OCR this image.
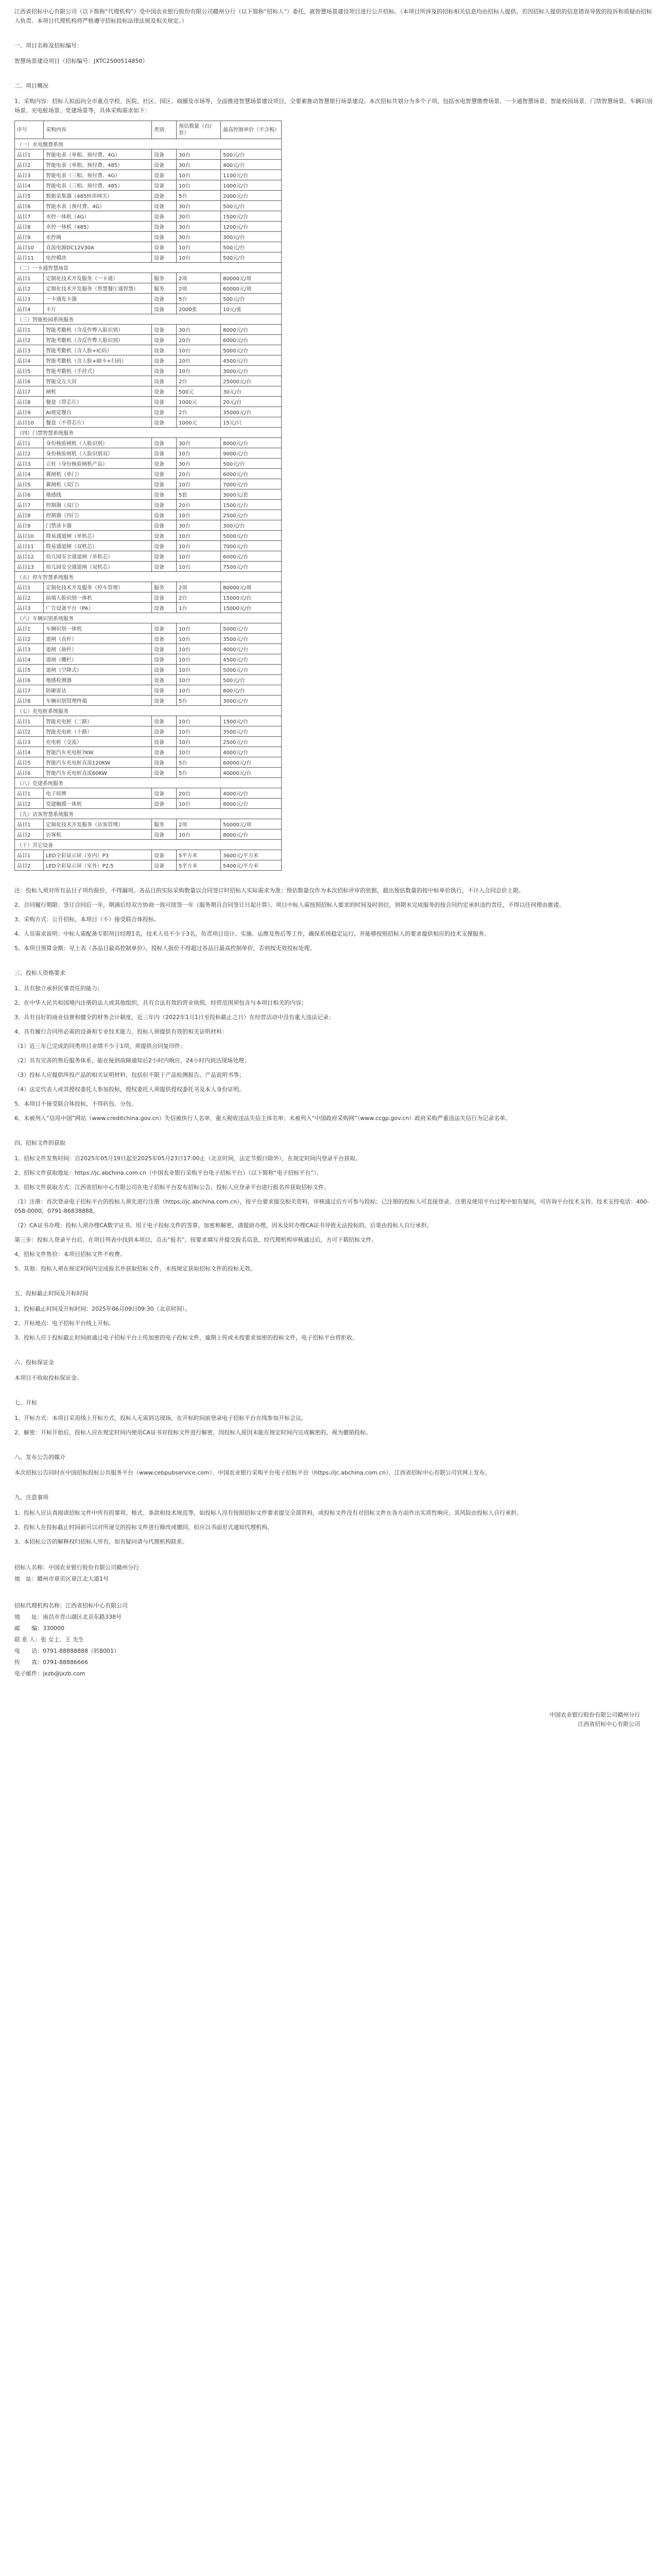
江西省招标中心有限公司（以下简称“代理机构”）受中国农业银行股份有限公司赣州分行（以下简称“招标人”）委托，就智慧场景建设项目进行公开招标。（本项目所涉及的招标相关信息均由招标人提供。若因招标人提供的信息错误导致的投诉和质疑由招标人负责。本项目代理机构将严格遵守招标投标法律法规及相关规定。）

一、项目名称及招标编号：

智慧场景建设项目（招标编号：JXTC2500514850）

二、项目概况

1、采购内容：招标人拟面向全市重点学校、医院、社区、园区、商圈及市场等，全面推进智慧场景建设项目，全要素推动智慧银行场景建设。本次招标共划分为多个子项，包括水电智慧缴费场景、一卡通智慧场景、智能校园场景、门禁智慧场景、车辆识别场景、充电桩场景、党建场景等，具体采购需求如下：

序号	采购内容	类别	预估数量（台/套）	最高控制单价（不含税）
（一）水电缴费系统				
品目1	智能电表（单相、预付费、4G）	设备	30台	500元/台
品目2	智能电表（单相、预付费、485）	设备	30台	400元/台
品目3	智能电表（三相、预付费、4G）	设备	10台	1100元/台
品目4	智能电表（三相、预付费、485）	设备	10台	1000元/台
品目5	数据采集器（485转串网关）	设备	5台	2000元/台
品目6	智能水表（预付费、4G）	设备	30台	500元/台
品目7	水控一体机（4G）	设备	30台	1500元/台
品目8	水控一体机（485）	设备	30台	1200元/台
品目9	水控阀	设备	30台	300元/台
品目10	直流电源DC12V30A	设备	10台	500元/台
品目11	电控模块	设备	10台	500元/台
（二）一卡通智慧场景				
品目1	定制化技术开发服务（一卡通）	服务	2项	80000元/项
品目2	定制化技术开发服务（智慧餐厅通智慧）	服务	2项	60000元/项
品目3	一卡通发卡器	设备	5台	500元/台
品目4	卡片	设备	2000张	10元/张
（三）智能校园系统服务				
品目1	智能考勤机（含反作弊入脸识别）	设备	30台	8000元/台
品目2	智能考勤机（含反作弊人脸识别）	设备	20台	6000元/台
品目3	智能考勤机（含人脸+IC码）	设备	10台	5000元/台
品目4	智能考勤机（含人脸+刷卡+扫码）	设备	10台	4500元/台
品目5	智能考勤机（手持式）	设备	10台	3000元/台
品目6	智能交互大屏	设备	2台	25000元/台
品目7	闸机	设备	500元	30元/台
品目8	餐盘（带芯片）	设备	1000元	20元/台
品目9	AI视觉餐台	设备	2台	35000元/台
品目10	餐盘（不带芯片）	设备	1000元	15元/只
（四）门禁智慧系统服务				
品目1	身份核验闸机（人脸识别）	设备	30台	8000元/台
品目2	身份核验闸机（人脸识别双）	设备	10台	9000元/台
品目3	立柱（身份核验闸机产品）	设备	30台	500元/台
品目4	翼闸机（单门）	设备	20台	6000元/台
品目5	翼闸机（双门）	设备	10台	7000元/台
品目6	地感线	设备	5套	3000元/套
品目7	控制器（双门）	设备	20台	1500元/台
品目8	控制器（四门）	设备	10台	2500元/台
品目9	门禁读卡器	设备	30台	300元/台
品目10	简易通道闸（单机芯）	设备	10台	5000元/台
品目11	简易通道闸（双机芯）	设备	10台	7000元/台
品目12	幼儿园安全通道闸（单机芯）	设备	10台	6000元/台
品目13	幼儿园安全通道闸（双机芯）	设备	10台	7500元/台
（五）停车智慧系统服务				
品目1	定制化技术开发服务（停车管理）	服务	2项	80000元/项
品目2	前端人脸识别一体机	设备	2台	15000元/台
品目3	广告设备平台（PA）	设备	1台	15000元/台
（六）车辆识别系统服务				
品目1	车辆识别一体机	设备	10台	5000元/台
品目2	道闸（直杆）	设备	10台	3500元/台
品目3	道闸（曲杆）	设备	10台	4000元/台
品目4	道闸（栅栏）	设备	10台	4500元/台
品目5	道闸（空降式）	设备	10台	5000元/台
品目6	地感检测器	设备	10台	500元/台
品目7	防砸雷达	设备	10台	800元/台
品目8	车辆识别管理终端	设备	5台	3000元/台
（七）充电桩系统服务				
品目1	智能充电桩（二路）	设备	10台	1500元/台
品目2	智能充电桩（十路）	设备	10台	3500元/台
品目3	充电桩（交流）	设备	10台	2500元/台
品目4	智能汽车充电桩7KW	设备	10台	4000元/台
品目5	智能汽车充电桩直流120KW	设备	5台	60000元/台
品目6	智能汽车充电桩直流60KW	设备	5台	40000元/台
（八）党建系统服务				
品目1	电子班牌	设备	20台	4000元/台
品目2	党建触摸一体机	设备	10台	8000元/台
（九）访客智慧系统服务				
品目1	定制化技术开发服务（访客管理）	服务	2项	50000元/项
品目2	访客机	设备	10台	8000元/台
（十）其它设备				
品目1	LED全彩显示屏（室内）P3	设备	5平方米	3600元/平方米
品目2	LED全彩显示屏（室外）P2.5	设备	5平方米	5400元/平方米

注：投标人须对所有品目子项均报价，不得漏项。各品目的实际采购数量以合同签订时招标人实际需求为准；预估数量仅作为本次招标评审的依据，超出预估数量的按中标单价执行，不计入合同总价上限。

2、合同履行期限：签订合同后一年，期满后经双方协商一致可续签一年（服务期自合同签订日起计算）。项目中标人需按照招标人要求的时间及时到位，到期未完成服务的按合同约定承担违约责任，不得以任何理由推诿。

3、采购方式：公开招标，本项目（不）接受联合体投标。

4、人员需求说明：中标人需配备专职项目经理1名，技术人员不少于3名，负责项目设计、实施、运维及售后等工作，确保系统稳定运行，并能够按照招标人的要求提供相应的技术支撑服务。

5、本项目预算金额：见上表（各品目最高控制单价），投标人报价不得超过各品目最高控制单价，否则按无效投标处理。

三、投标人资格要求

1、具有独立承担民事责任的能力；

2、在中华人民共和国境内注册的法人或其他组织，具有合法有效的营业执照，经营范围须包含与本项目相关的内容；

3、具有良好的商业信誉和健全的财务会计制度，近三年内（2022年1月1日至投标截止之日）在经营活动中没有重大违法记录；

4、具有履行合同所必需的设备和专业技术能力，投标人须提供有效的相关证明材料：

（1）近三年已完成的同类项目业绩不少于1项，须提供合同复印件；

（2）具有完善的售后服务体系，能在接到故障通知后2小时内响应，24小时内到达现场处理；

（3）投标人应提供所投产品的相关证明材料，包括但不限于产品检测报告、产品说明书等；

（4）法定代表人或其授权委托人参加投标，授权委托人须提供授权委托书及本人身份证明。

5、本项目不接受联合体投标，不得转包、分包。

6、未被列入“信用中国”网站（www.creditchina.gov.cn）失信被执行人名单、重大税收违法失信主体名单；未被列入“中国政府采购网”（www.ccgp.gov.cn）政府采购严重违法失信行为记录名单。

四、招标文件的获取

1、招标文件发售时间：自2025年05月19日起至2025年05月23日17:00止（北京时间，法定节假日除外），在规定时间内登录平台获取。

2、招标文件获取地址：https://jc.abchina.com.cn（中国农业银行采购平台电子招标平台）（以下简称“电子招标平台”）。

3、招标文件获取方式：江西省招标中心有限公司在电子招标平台发布招标公告，投标人应登录平台进行报名并获取招标文件。

（1）注册：首次登录电子招标平台的投标人须先进行注册（https://jc.abchina.com.cn），按平台要求提交相关资料，审核通过后方可参与投标；已注册的投标人可直接登录。注册及使用平台过程中如有疑问，可咨询平台技术支持。技术支持电话：400-058-0000，0791-86838888。

（2）CA证书办理：投标人须办理CA数字证书，用于电子投标文件的签章、加密和解密，请提前办理，因未及时办理CA证书导致无法投标的，后果由投标人自行承担。

第三步：投标人登录平台后，在项目列表中找到本项目，点击“报名”，按要求填写并提交报名信息，经代理机构审核通过后，方可下载招标文件。

4、招标文件售价：本项目招标文件不收费。

5、其他：投标人须在规定时间内完成报名并获取招标文件，未按规定获取招标文件的投标无效。

五、投标截止时间及开标时间

1、投标截止时间及开标时间：2025年06月09日09:30（北京时间）。

2、开标地点：电子招标平台线上开标。

3、投标人应于投标截止时间前通过电子招标平台上传加密的电子投标文件，逾期上传或未按要求加密的投标文件，电子招标平台将拒收。

六、投标保证金

本项目不收取投标保证金。

七、开标

1、开标方式：本项目采用线上开标方式，投标人无需到达现场，在开标时间前登录电子招标平台在线参加开标会议。

2、解密：开标开始后，投标人应在规定时间内使用CA证书对投标文件进行解密，因投标人原因未能在规定时间内完成解密的，视为撤销投标。

八、发布公告的媒介

本次招标公告同时在中国招标投标公共服务平台（www.cebpubservice.com）、中国农业银行采购平台电子招标平台（https://jc.abchina.com.cn）、江西省招标中心有限公司官网上发布。

九、注意事项

1、投标人应认真阅读招标文件中所有的事项、格式、条款和技术规范等，如投标人没有按照招标文件要求提交全部资料，或投标文件没有对招标文件在各方面作出实质性响应，其风险由投标人自行承担。

2、投标人在投标截止时间前可以对所递交的投标文件进行修改或撤回，但应以书面形式通知代理机构。

3、本招标公告的解释权归招标人所有，如有疑问请与代理机构联系。

招标人名称：中国农业银行股份有限公司赣州分行

地　址：赣州市章贡区章江北大道1号

招标代理机构名称：江西省招标中心有限公司

地　　址：南昌市青山湖区北京东路338号

邮　　编：330000

联 系 人：张 女士、王 先生

电　　话：0791-88888888（转8001）

传　　真：0791-88886666

电子邮件：jxzb@jxzb.com

中国农业银行股份有限公司赣州分行

江西省招标中心有限公司
